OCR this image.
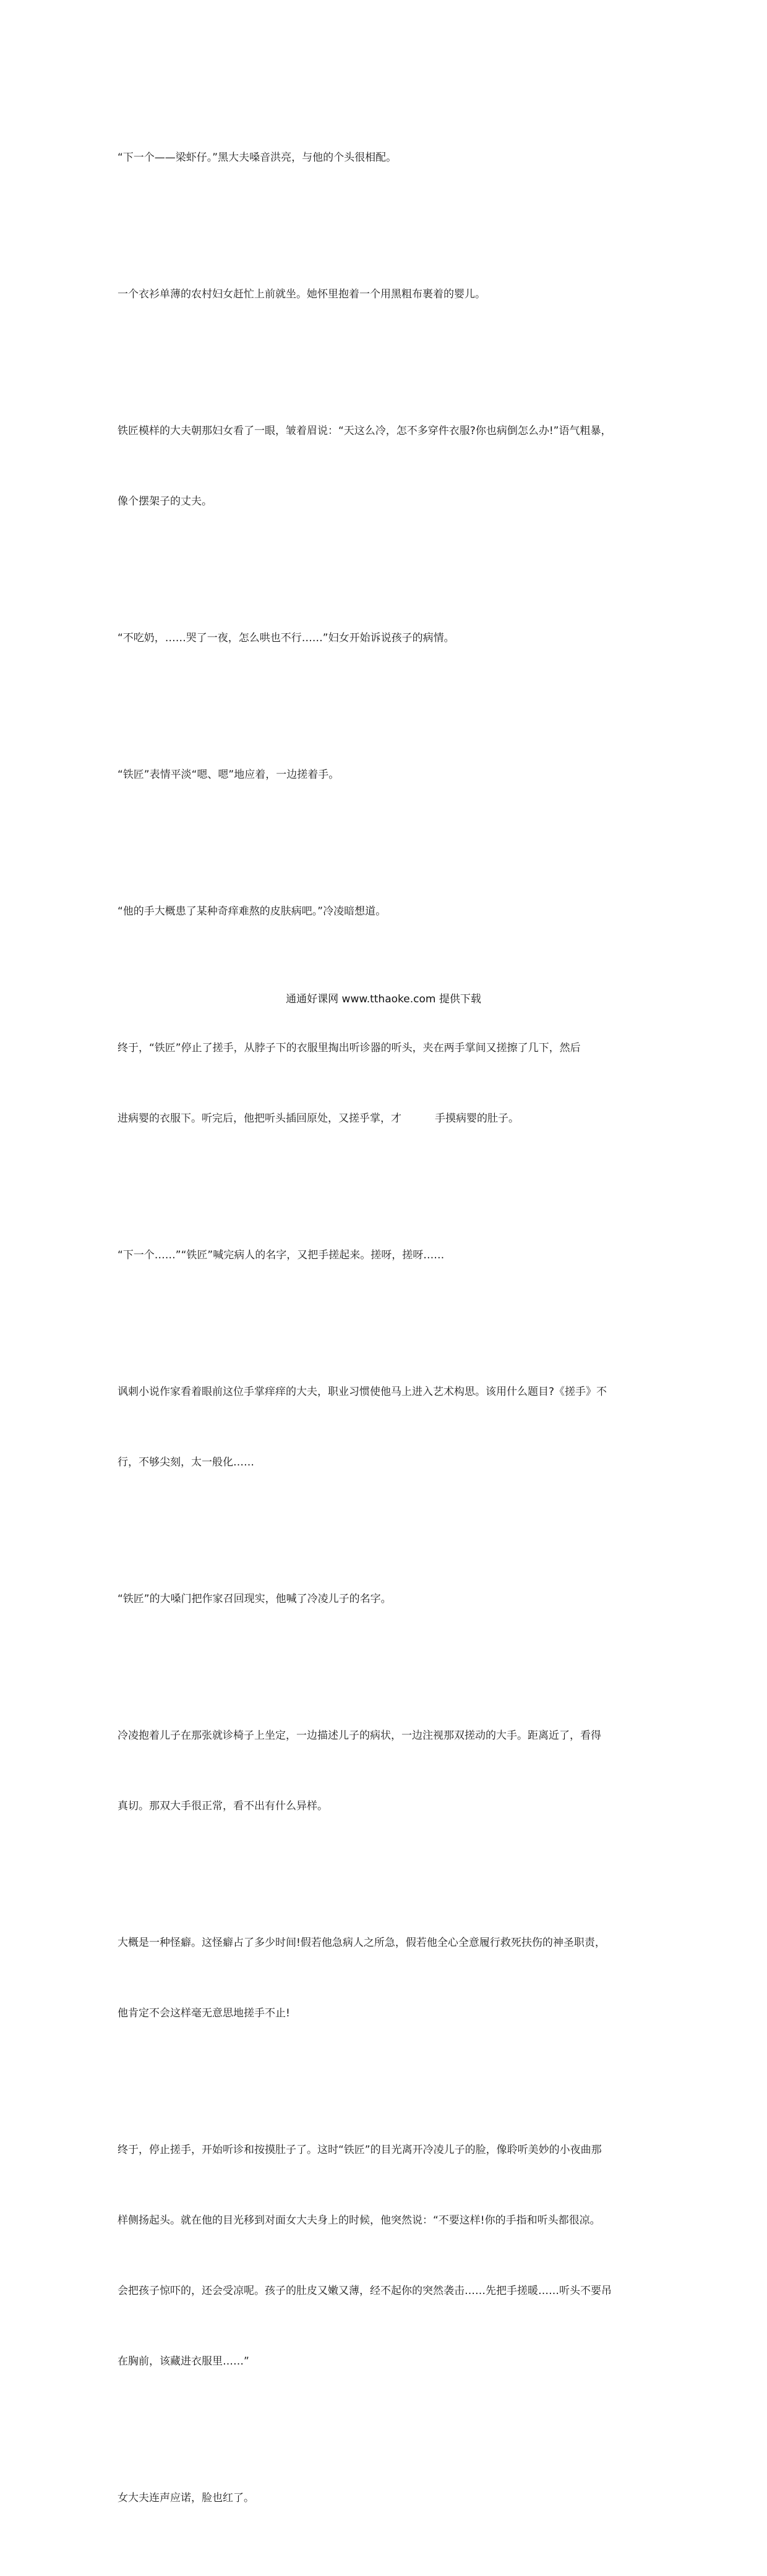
“下一个——梁虾仔。”黑大夫嗓音洪亮，与他的个头很相配。

一个衣衫单薄的农村妇女赶忙上前就坐。她怀里抱着一个用黑粗布裹着的婴儿。

铁匠模样的大夫朝那妇女看了一眼，皱着眉说：“天这么冷，怎不多穿件衣服?你也病倒怎么办!”语气粗暴，

像个摆架子的丈夫。

“不吃奶，……哭了一夜，怎么哄也不行……”妇女开始诉说孩子的病情。

“铁匠”表情平淡“嗯、嗯”地应着，一边搓着手。

“他的手大概患了某种奇痒难熬的皮肤病吧。”冷凌暗想道。

终于，“铁匠”停止了搓手，从脖子下的衣服里掏出听诊器的听头，夹在两手掌间又搓擦了几下，然后

进病婴的衣服下。听完后，他把听头插回原处，又搓乎掌，才          手摸病婴的肚子。

“下一个……”“铁匠”喊完病人的名字，又把手搓起来。搓呀，搓呀……

讽刺小说作家看着眼前这位手掌痒痒的大夫，职业习惯使他马上进入艺术构思。该用什么题目?《搓手》不

行，不够尖刻，太一般化……

“铁匠”的大嗓门把作家召回现实，他喊了冷凌儿子的名字。

冷凌抱着儿子在那张就诊椅子上坐定，一边描述儿子的病状，一边注视那双搓动的大手。距离近了，看得

真切。那双大手很正常，看不出有什么异样。

大概是一种怪癖。这怪癖占了多少时间!假若他急病人之所急，假若他全心全意履行救死扶伤的神圣职责，

他肯定不会这样毫无意思地搓手不止!

终于，停止搓手，开始听诊和按摸肚子了。这时“铁匠”的目光离开冷凌儿子的脸，像聆听美妙的小夜曲那

样侧扬起头。就在他的目光移到对面女大夫身上的时候，他突然说：“不要这样!你的手指和听头都很凉。

会把孩子惊吓的，还会受凉呢。孩子的肚皮又嫩又薄，经不起你的突然袭击……先把手搓暖……听头不要吊

在胸前，该藏进衣服里……”

女大夫连声应诺，脸也红了。

通通好课网 www.tthaoke.com 提供下载
